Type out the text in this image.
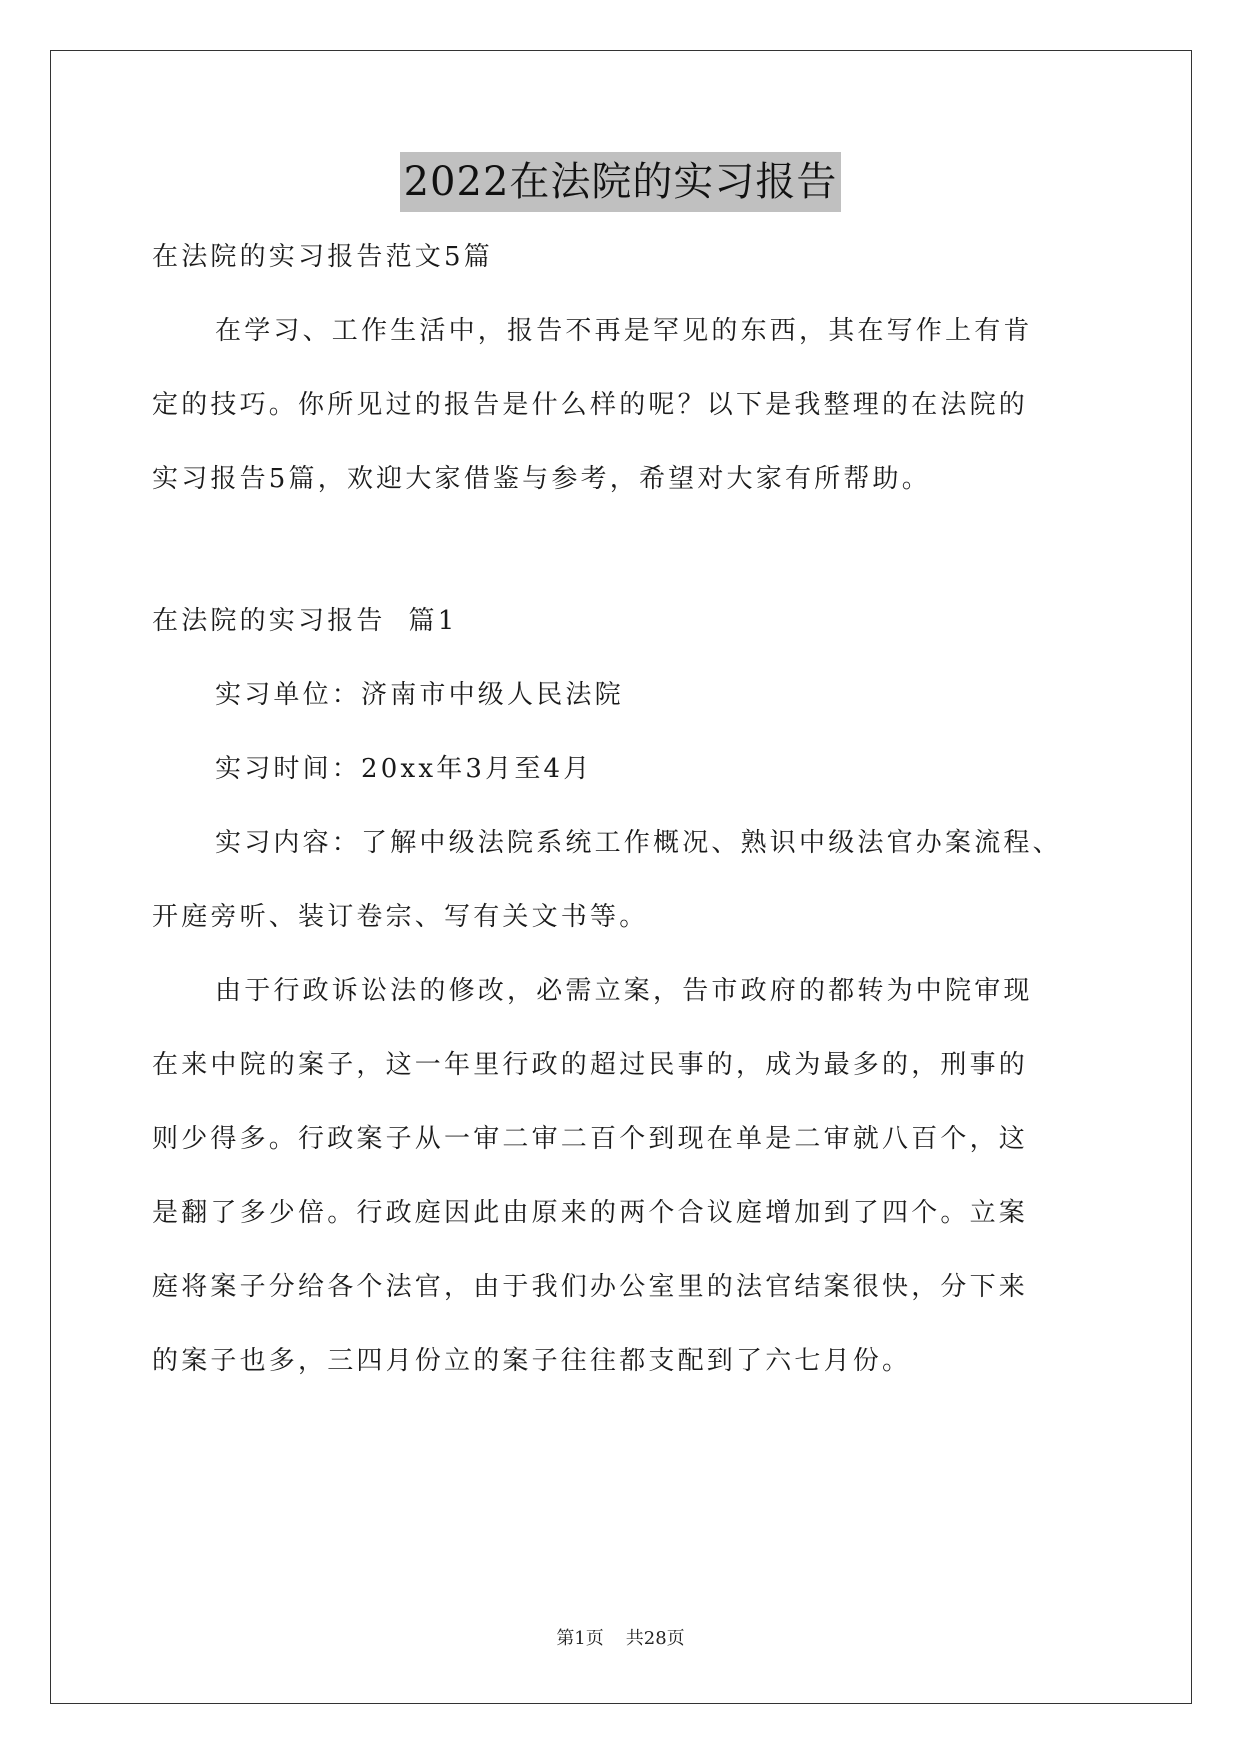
2022在法院的实习报告
在法院的实习报告范文5篇
在学习、工作生活中，报告不再是罕见的东西，其在写作上有肯
定的技巧。你所见过的报告是什么样的呢？以下是我整理的在法院的
实习报告5篇，欢迎大家借鉴与参考，希望对大家有所帮助。
在法院的实习报告  篇1
实习单位：济南市中级人民法院
实习时间：20xx年3月至4月
实习内容：了解中级法院系统工作概况、熟识中级法官办案流程、
开庭旁听、装订卷宗、写有关文书等。
由于行政诉讼法的修改，必需立案，告市政府的都转为中院审现
在来中院的案子，这一年里行政的超过民事的，成为最多的，刑事的
则少得多。行政案子从一审二审二百个到现在单是二审就八百个，这
是翻了多少倍。行政庭因此由原来的两个合议庭增加到了四个。立案
庭将案子分给各个法官，由于我们办公室里的法官结案很快，分下来
的案子也多，三四月份立的案子往往都支配到了六七月份。
第1页 共28页
